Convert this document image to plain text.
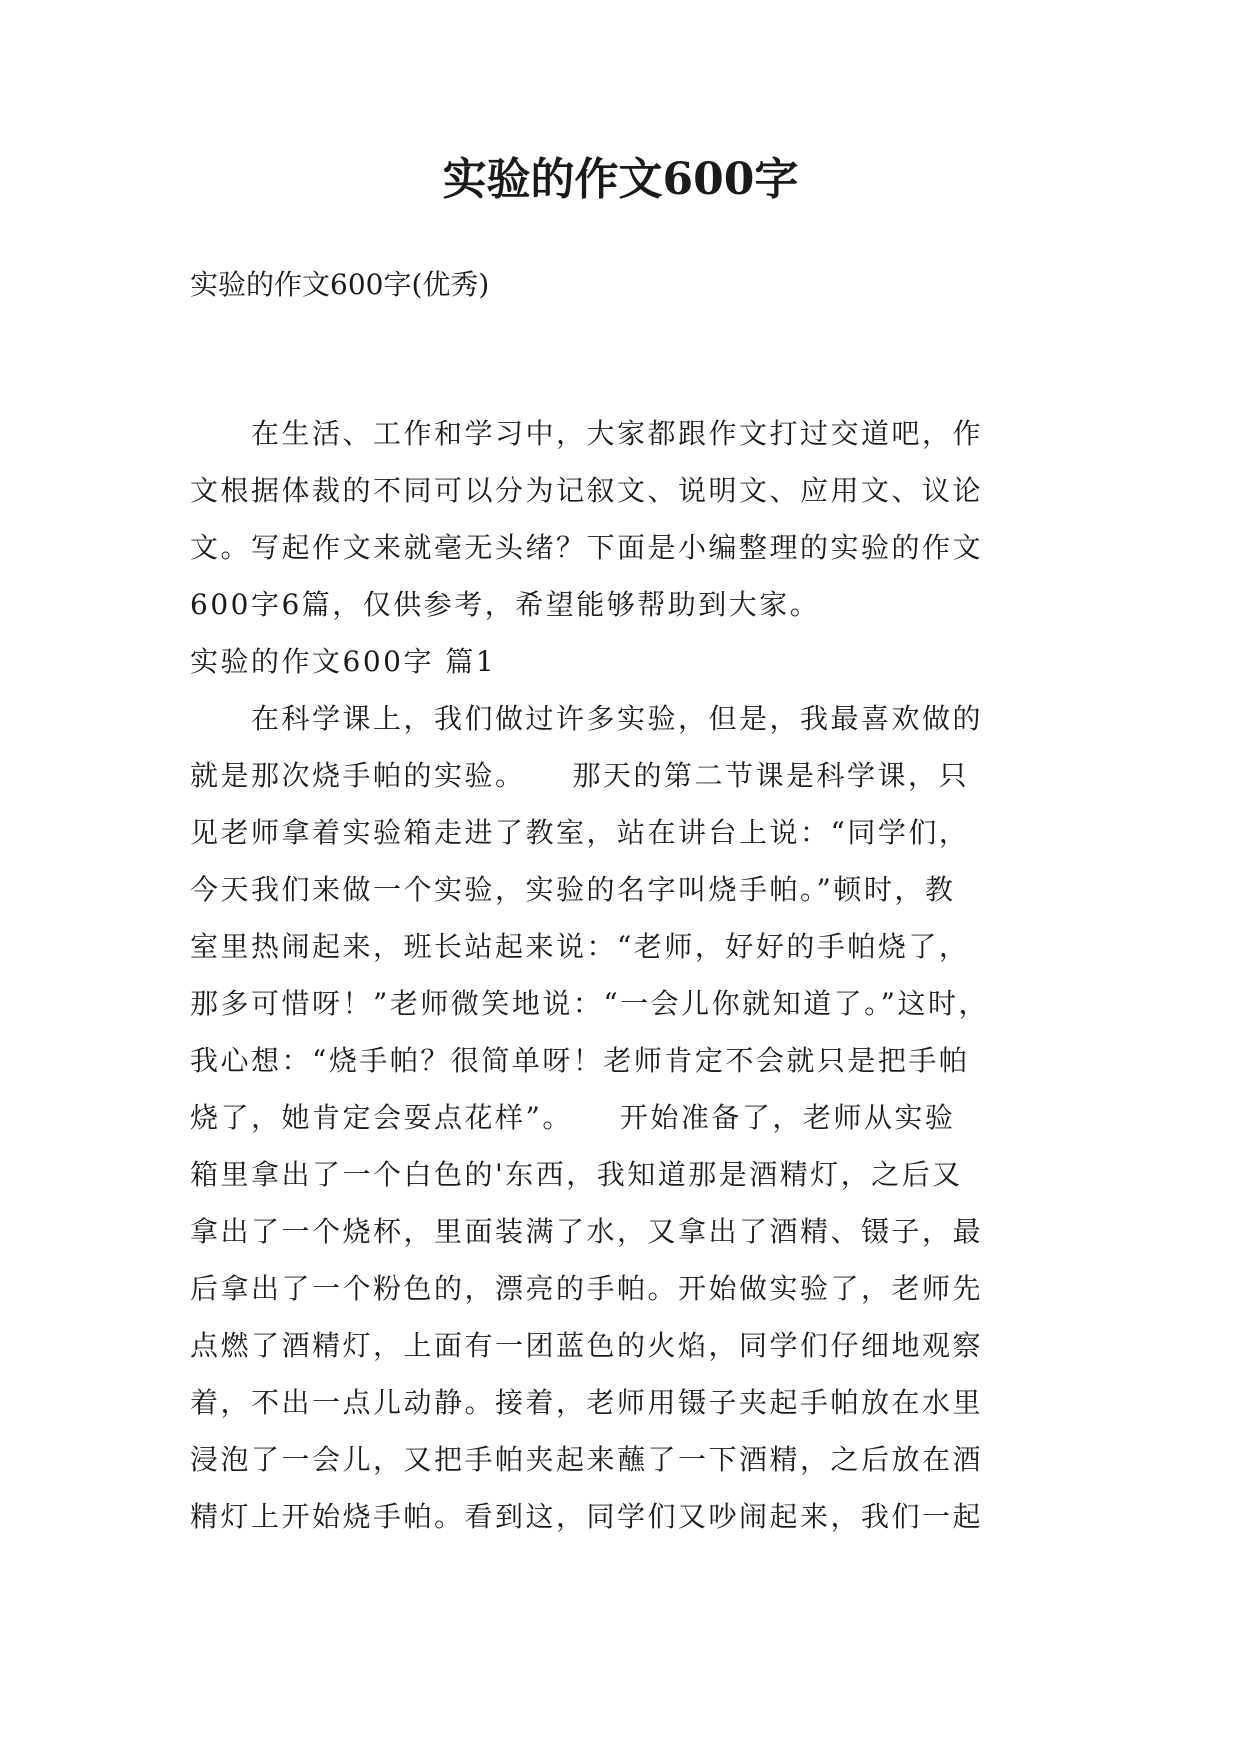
实验的作文600字
实验的作文600字(优秀)
　　在生活、工作和学习中，大家都跟作文打过交道吧，作
文根据体裁的不同可以分为记叙文、说明文、应用文、议论
文。写起作文来就毫无头绪？下面是小编整理的实验的作文
600字6篇，仅供参考，希望能够帮助到大家。
实验的作文600字 篇1
　　在科学课上，我们做过许多实验，但是，我最喜欢做的
就是那次烧手帕的实验。　　那天的第二节课是科学课，只
见老师拿着实验箱走进了教室，站在讲台上说：“同学们，
今天我们来做一个实验，实验的名字叫烧手帕。”顿时，教
室里热闹起来，班长站起来说：“老师，好好的手帕烧了，
那多可惜呀！”老师微笑地说：“一会儿你就知道了。”这时，
我心想：“烧手帕？很简单呀！老师肯定不会就只是把手帕
烧了，她肯定会耍点花样”。　　开始准备了，老师从实验
箱里拿出了一个白色的'东西，我知道那是酒精灯，之后又
拿出了一个烧杯，里面装满了水，又拿出了酒精、镊子，最
后拿出了一个粉色的，漂亮的手帕。开始做实验了，老师先
点燃了酒精灯，上面有一团蓝色的火焰，同学们仔细地观察
着，不出一点儿动静。接着，老师用镊子夹起手帕放在水里
浸泡了一会儿，又把手帕夹起来蘸了一下酒精，之后放在酒
精灯上开始烧手帕。看到这，同学们又吵闹起来，我们一起
